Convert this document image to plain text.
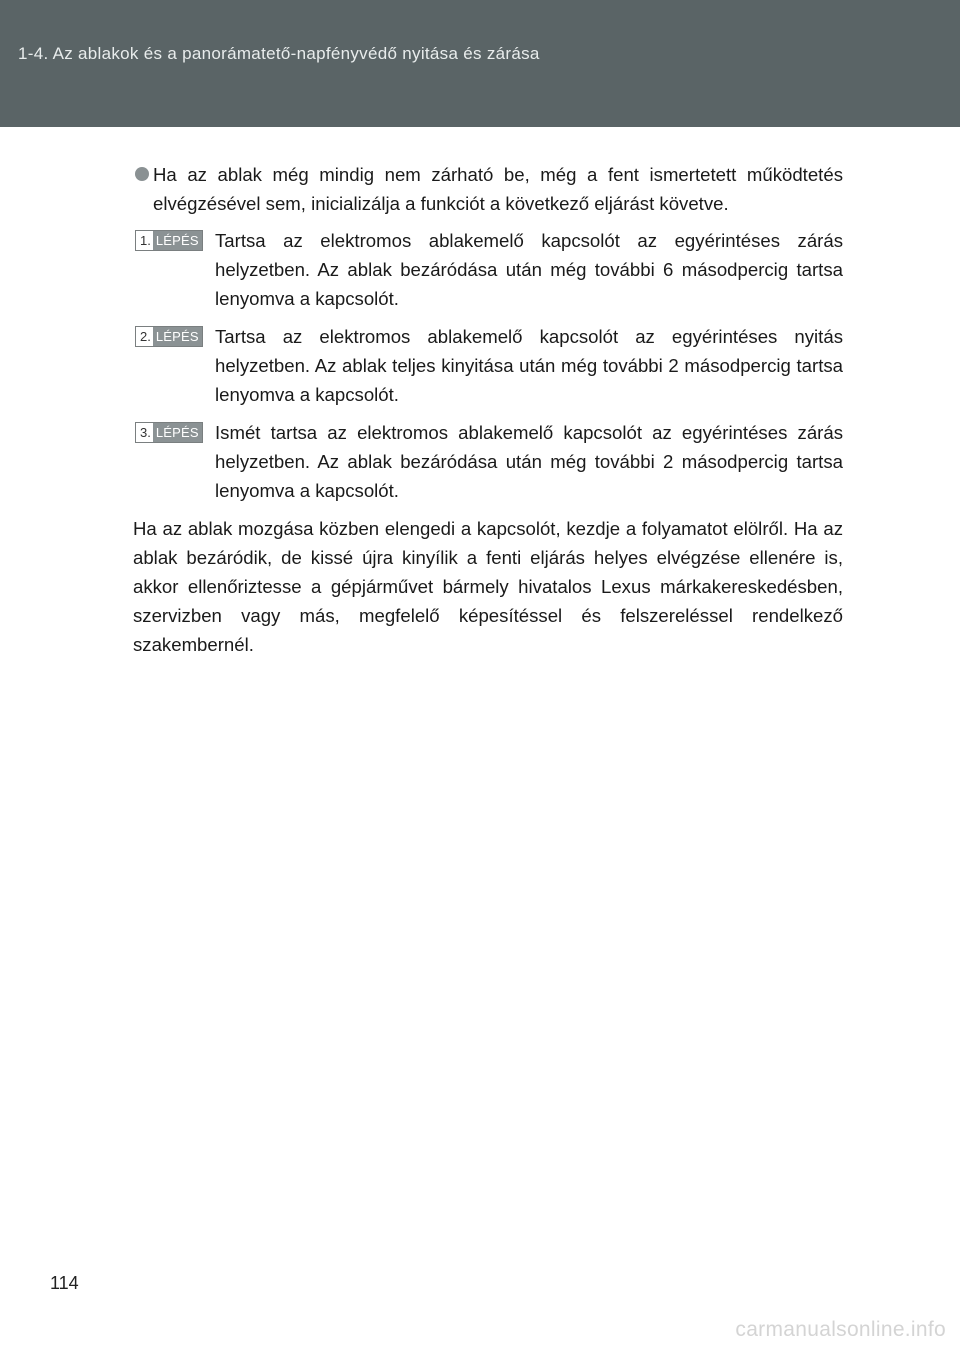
1-4. Az ablakok és a panorámatető-napfényvédő nyitása és zárása

Ha az ablak még mindig nem zárható be, még a fent ismertetett működtetés elvégzésével sem, inicializálja a funkciót a következő eljárást követve.

1. LÉPÉS Tartsa az elektromos ablakemelő kapcsolót az egyérintéses zárás helyzetben. Az ablak bezáródása után még további 6 másodpercig tartsa lenyomva a kapcsolót.

2. LÉPÉS Tartsa az elektromos ablakemelő kapcsolót az egyérintéses nyitás helyzetben. Az ablak teljes kinyitása után még további 2 másodpercig tartsa lenyomva a kapcsolót.

3. LÉPÉS Ismét tartsa az elektromos ablakemelő kapcsolót az egyérintéses zárás helyzetben. Az ablak bezáródása után még további 2 másodpercig tartsa lenyomva a kapcsolót.

Ha az ablak mozgása közben elengedi a kapcsolót, kezdje a folyamatot elölről. Ha az ablak bezáródik, de kissé újra kinyílik a fenti eljárás helyes elvégzése ellenére is, akkor ellenőriztesse a gépjárművet bármely hivatalos Lexus márkakereskedésben, szervizben vagy más, megfelelő képesítéssel és felszereléssel rendelkező szakembernél.

114
carmanualsonline.info
